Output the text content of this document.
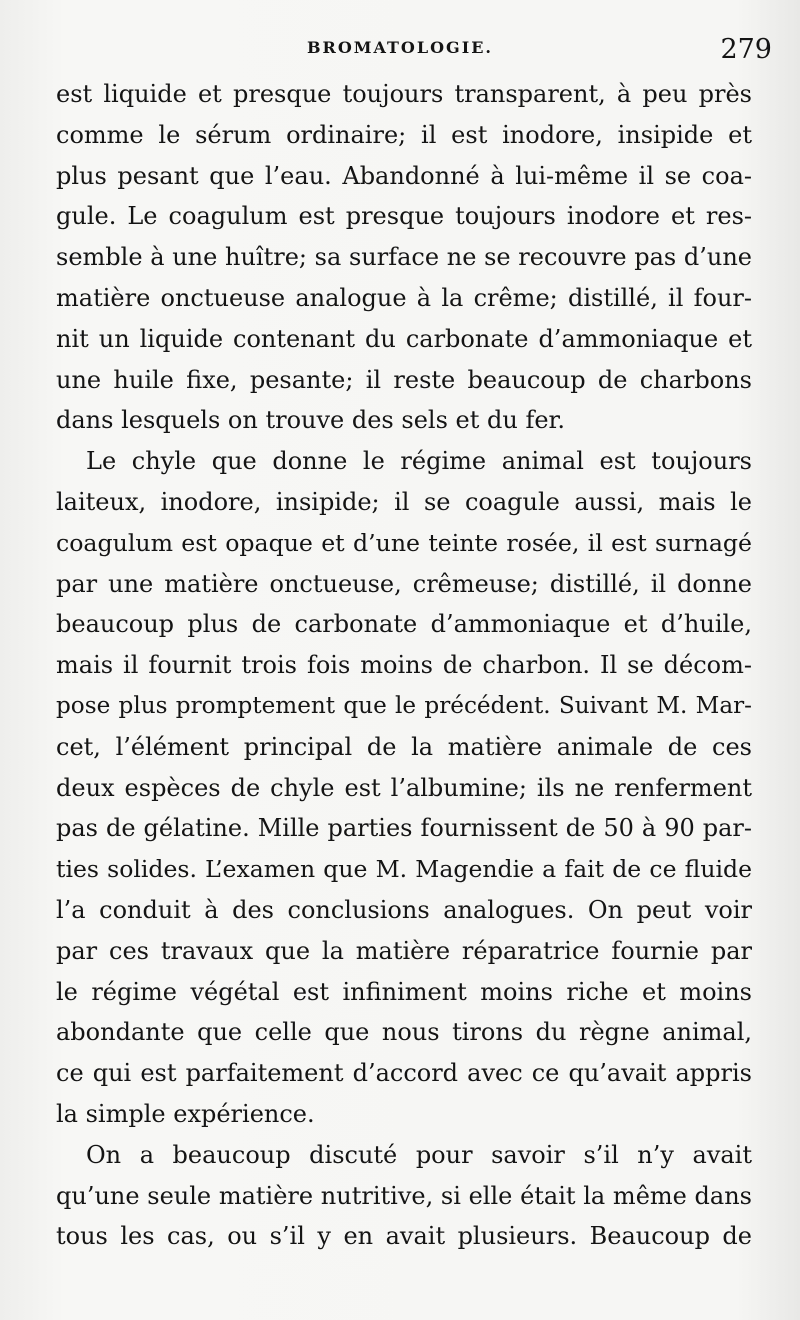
BROMATOLOGIE.	279
est liquide et presque toujours transparent, à peu près
comme le sérum ordinaire; il est inodore, insipide et
plus pesant que l’eau. Abandonné à lui-même il se coa-
gule. Le coagulum est presque toujours inodore et res-
semble à une huître; sa surface ne se recouvre pas d’une
matière onctueuse analogue à la crême; distillé, il four-
nit un liquide contenant du carbonate d’ammoniaque et
une huile fixe, pesante; il reste beaucoup de charbons
dans lesquels on trouve des sels et du fer.
Le chyle que donne le régime animal est toujours
laiteux, inodore, insipide; il se coagule aussi, mais le
coagulum est opaque et d’une teinte rosée, il est surnagé
par une matière onctueuse, crêmeuse; distillé, il donne
beaucoup plus de carbonate d’ammoniaque et d’huile,
mais il fournit trois fois moins de charbon. Il se décom-
pose plus promptement que le précédent. Suivant M. Mar-
cet, l’élément principal de la matière animale de ces
deux espèces de chyle est l’albumine; ils ne renferment
pas de gélatine. Mille parties fournissent de 50 à 90 par-
ties solides. L’examen que M. Magendie a fait de ce fluide
l’a conduit à des conclusions analogues. On peut voir
par ces travaux que la matière réparatrice fournie par
le régime végétal est infiniment moins riche et moins
abondante que celle que nous tirons du règne animal,
ce qui est parfaitement d’accord avec ce qu’avait appris
la simple expérience.
On a beaucoup discuté pour savoir s’il n’y avait
qu’une seule matière nutritive, si elle était la même dans
tous les cas, ou s’il y en avait plusieurs. Beaucoup de
